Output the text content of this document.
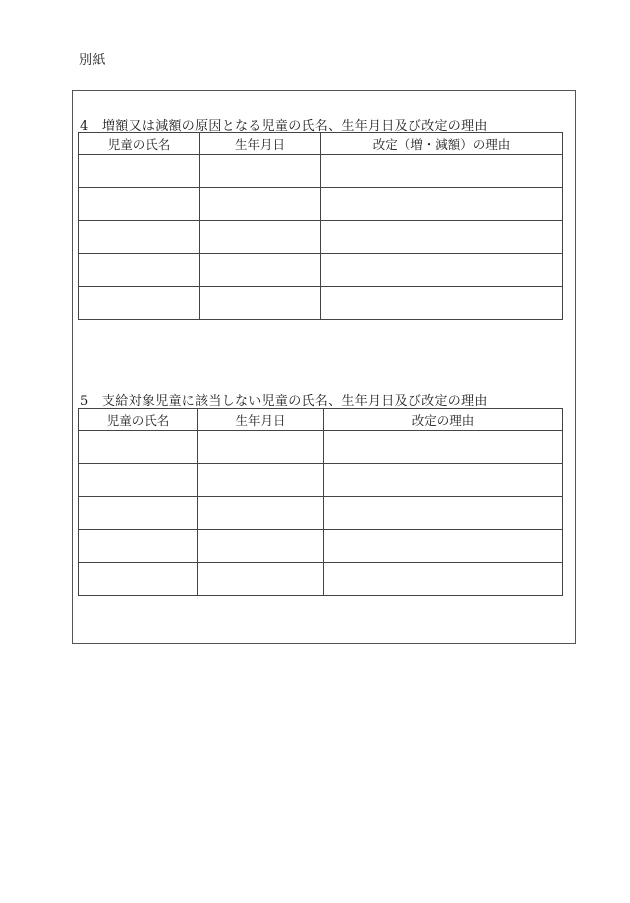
別紙
4 増額又は減額の原因となる児童の氏名、生年月日及び改定の理由
児童の氏名	生年月日	改定（増・減額）の理由

5 支給対象児童に該当しない児童の氏名、生年月日及び改定の理由
児童の氏名	生年月日	改定の理由
